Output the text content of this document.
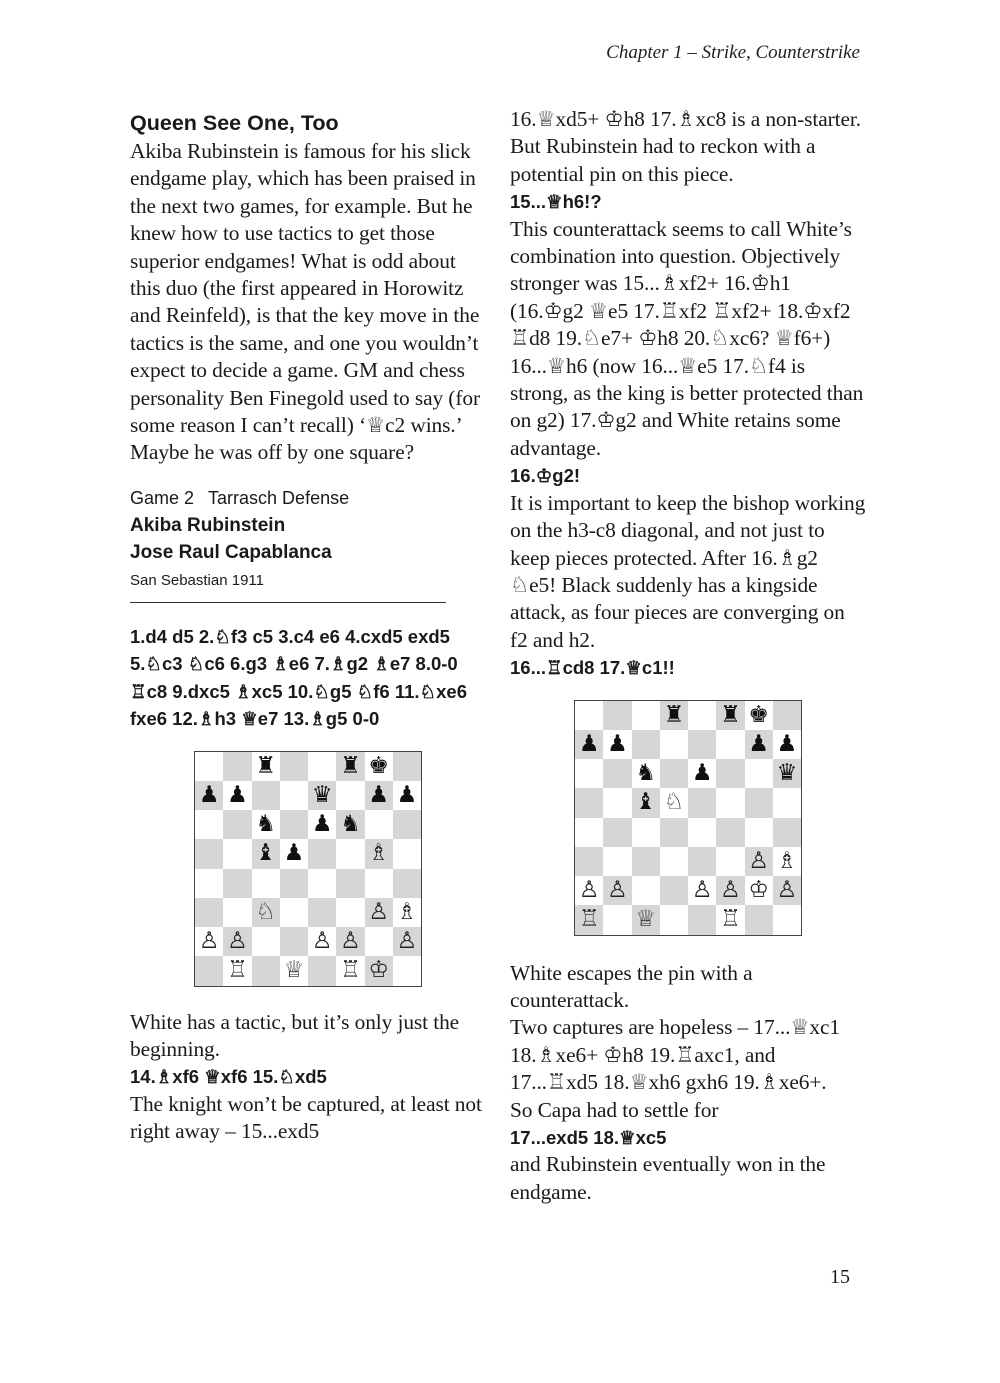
Chapter 1 – Strike, Counterstrike
Queen See One, Too

Akiba Rubinstein is famous for his slick endgame play, which has been praised in the next two games, for example. But he knew how to use tactics to get those superior endgames! What is odd about this duo (the first appeared in Horowitz and Reinfeld), is that the key move in the tactics is the same, and one you wouldn’t expect to decide a game. GM and chess personality Ben Finegold used to say (for some reason I can’t recall) ‘♕c2 wins.’ Maybe he was off by one square?

Game 2 Tarrasch Defense
Akiba Rubinstein
Jose Raul Capablanca
San Sebastian 1911
1.d4 d5 2.♘f3 c5 3.c4 e6 4.cxd5 exd5 5.♘c3 ♘c6 6.g3 ♗e6 7.♗g2 ♗e7 8.0-0 ♖c8 9.dxc5 ♗xc5 10.♘g5 ♘f6 11.♘xe6 fxe6 12.♗h3 ♕e7 13.♗g5 0-0
♜	♜ ♚
♟ ♟	♛ ♟ ♟
♞ ♟ ♞
♝ ♟	♗
♘	♙ ♗
♙ ♙	♙ ♙ ♙
♖ ♕ ♖ ♔

White has a tactic, but it’s only just the beginning.

14.♗xf6 ♕xf6 15.♘xd5

The knight won’t be captured, at least not right away – 15...exd5

16.♕xd5+ ♔h8 17.♗xc8 is a non-starter. But Rubinstein had to reckon with a potential pin on this piece.

15...♕h6!?

This counterattack seems to call White’s combination into question. Objectively stronger was 15...♗xf2+ 16.♔h1 (16.♔g2 ♕e5 17.♖xf2 ♖xf2+ 18.♔xf2 ♖d8 19.♘e7+ ♔h8 20.♘xc6? ♕f6+) 16...♕h6 (now 16...♕e5 17.♘f4 is strong, as the king is better protected than on g2) 17.♔g2 and White retains some advantage.

16.♔g2!

It is important to keep the bishop working on the h3-c8 diagonal, and not just to keep pieces protected. After 16.♗g2 ♘e5! Black suddenly has a kingside attack, as four pieces are converging on f2 and h2.

16...♖cd8 17.♕c1!!
♜ ♜ ♚
♟ ♟	♟ ♟
♞ ♟	♛
♝ ♘
♙ ♗
♙ ♙	♙ ♙ ♔ ♙
♖ ♕	♖

White escapes the pin with a counterattack.

Two captures are hopeless – 17...♕xc1 18.♗xe6+ ♔h8 19.♖axc1, and 17...♖xd5 18.♕xh6 gxh6 19.♗xe6+.

So Capa had to settle for

17...exd5 18.♕xc5

and Rubinstein eventually won in the endgame.

15
